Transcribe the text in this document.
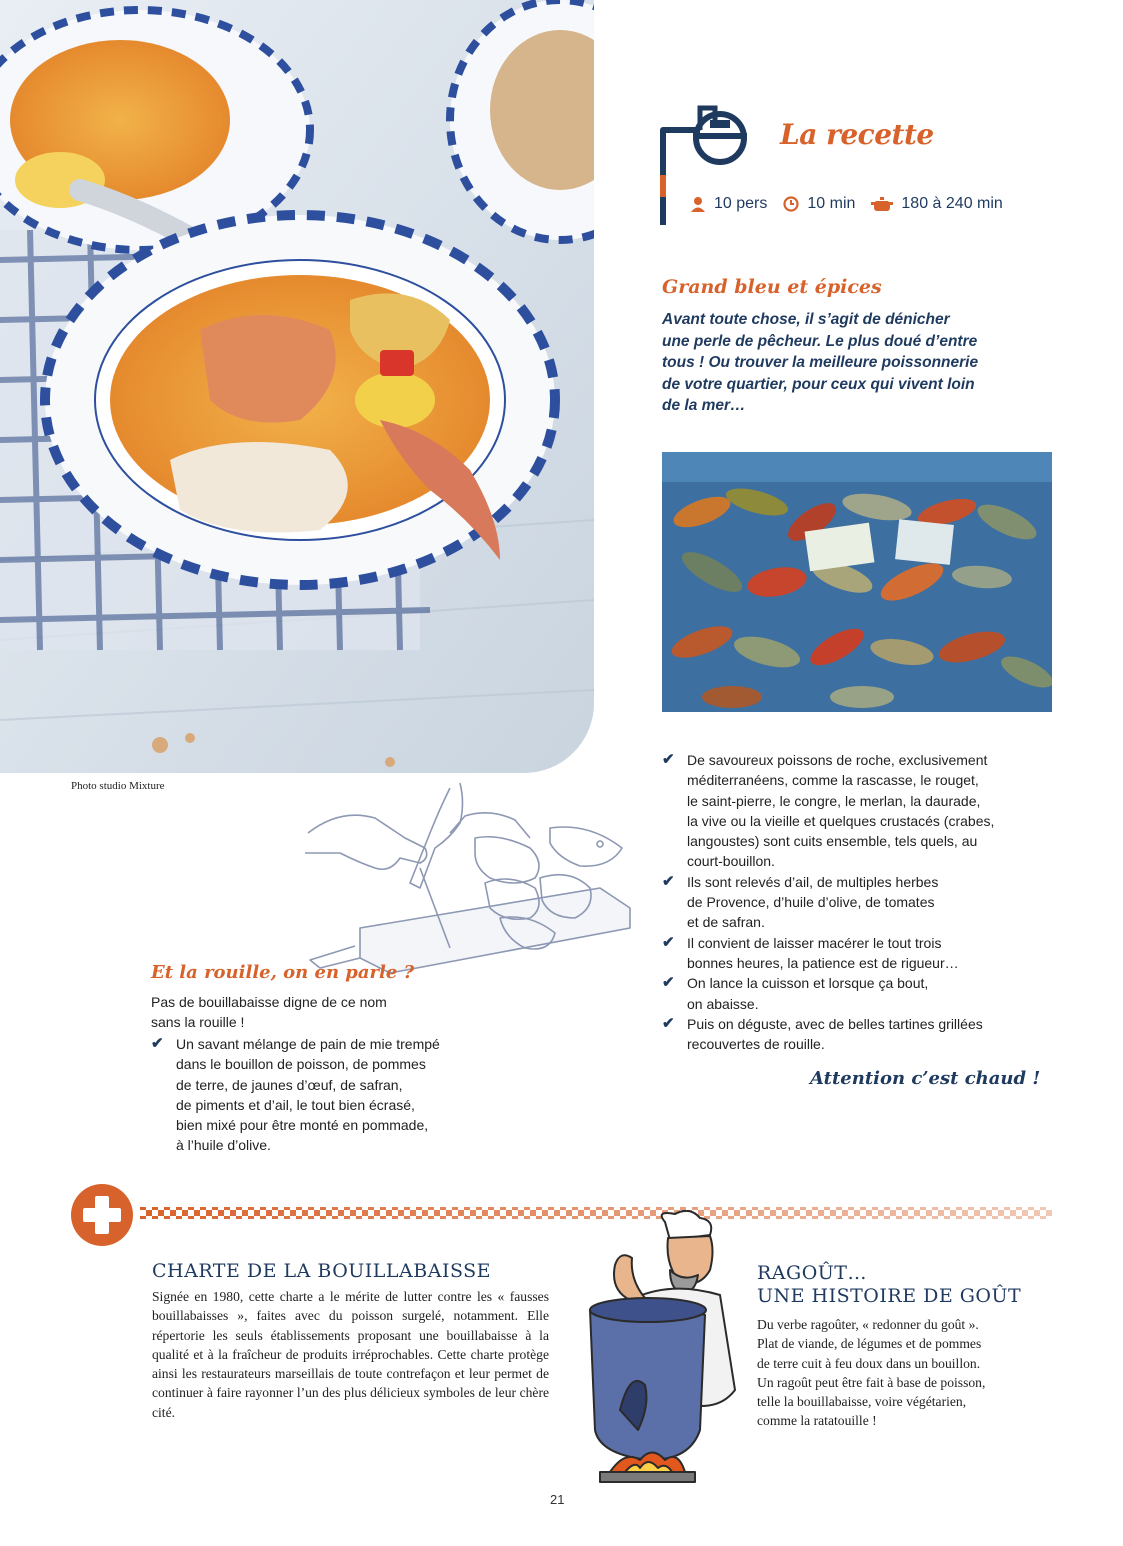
Photo studio Mixture
La recette
10 pers	10 min	180 à 240 min
Grand bleu et épices
Avant toute chose, il s’agit de dénicher
une perle de pêcheur. Le plus doué d’entre
tous ! Ou trouver la meilleure poissonnerie
de votre quartier, pour ceux qui vivent loin
de la mer…
✔ De savoureux poissons de roche, exclusivement
méditerranéens, comme la rascasse, le rouget,
le saint-pierre, le congre, le merlan, la daurade,
la vive ou la vieille et quelques crustacés (crabes,
langoustes) sont cuits ensemble, tels quels, au
court-bouillon.
✔ Ils sont relevés d’ail, de multiples herbes
de Provence, d’huile d’olive, de tomates
et de safran.
✔ Il convient de laisser macérer le tout trois
bonnes heures, la patience est de rigueur…
✔ On lance la cuisson et lorsque ça bout,
on abaisse.
✔ Puis on déguste, avec de belles tartines grillées
recouvertes de rouille.
Attention c’est chaud !
Et la rouille, on en parle ?
Pas de bouillabaisse digne de ce nom
sans la rouille !
✔ Un savant mélange de pain de mie trempé
dans le bouillon de poisson, de pommes
de terre, de jaunes d’œuf, de safran,
de piments et d’ail, le tout bien écrasé,
bien mixé pour être monté en pommade,
à l’huile d’olive.
CHARTE DE LA BOUILLABAISSE
Signée en 1980, cette charte a le mérite de lutter contre les « fausses bouillabaisses », faites avec du poisson surgelé, notamment. Elle répertorie les seuls établissements proposant une bouillabaisse à la qualité et à la fraîcheur de produits irréprochables. Cette charte protège ainsi les restaurateurs marseillais de toute contrefaçon et leur permet de continuer à faire rayonner l’un des plus délicieux symboles de leur chère cité.
RAGOÛT…
UNE HISTOIRE DE GOÛT
Du verbe ragoûter, « redonner du goût ».
Plat de viande, de légumes et de pommes
de terre cuit à feu doux dans un bouillon.
Un ragoût peut être fait à base de poisson,
telle la bouillabaisse, voire végétarien,
comme la ratatouille !
21
